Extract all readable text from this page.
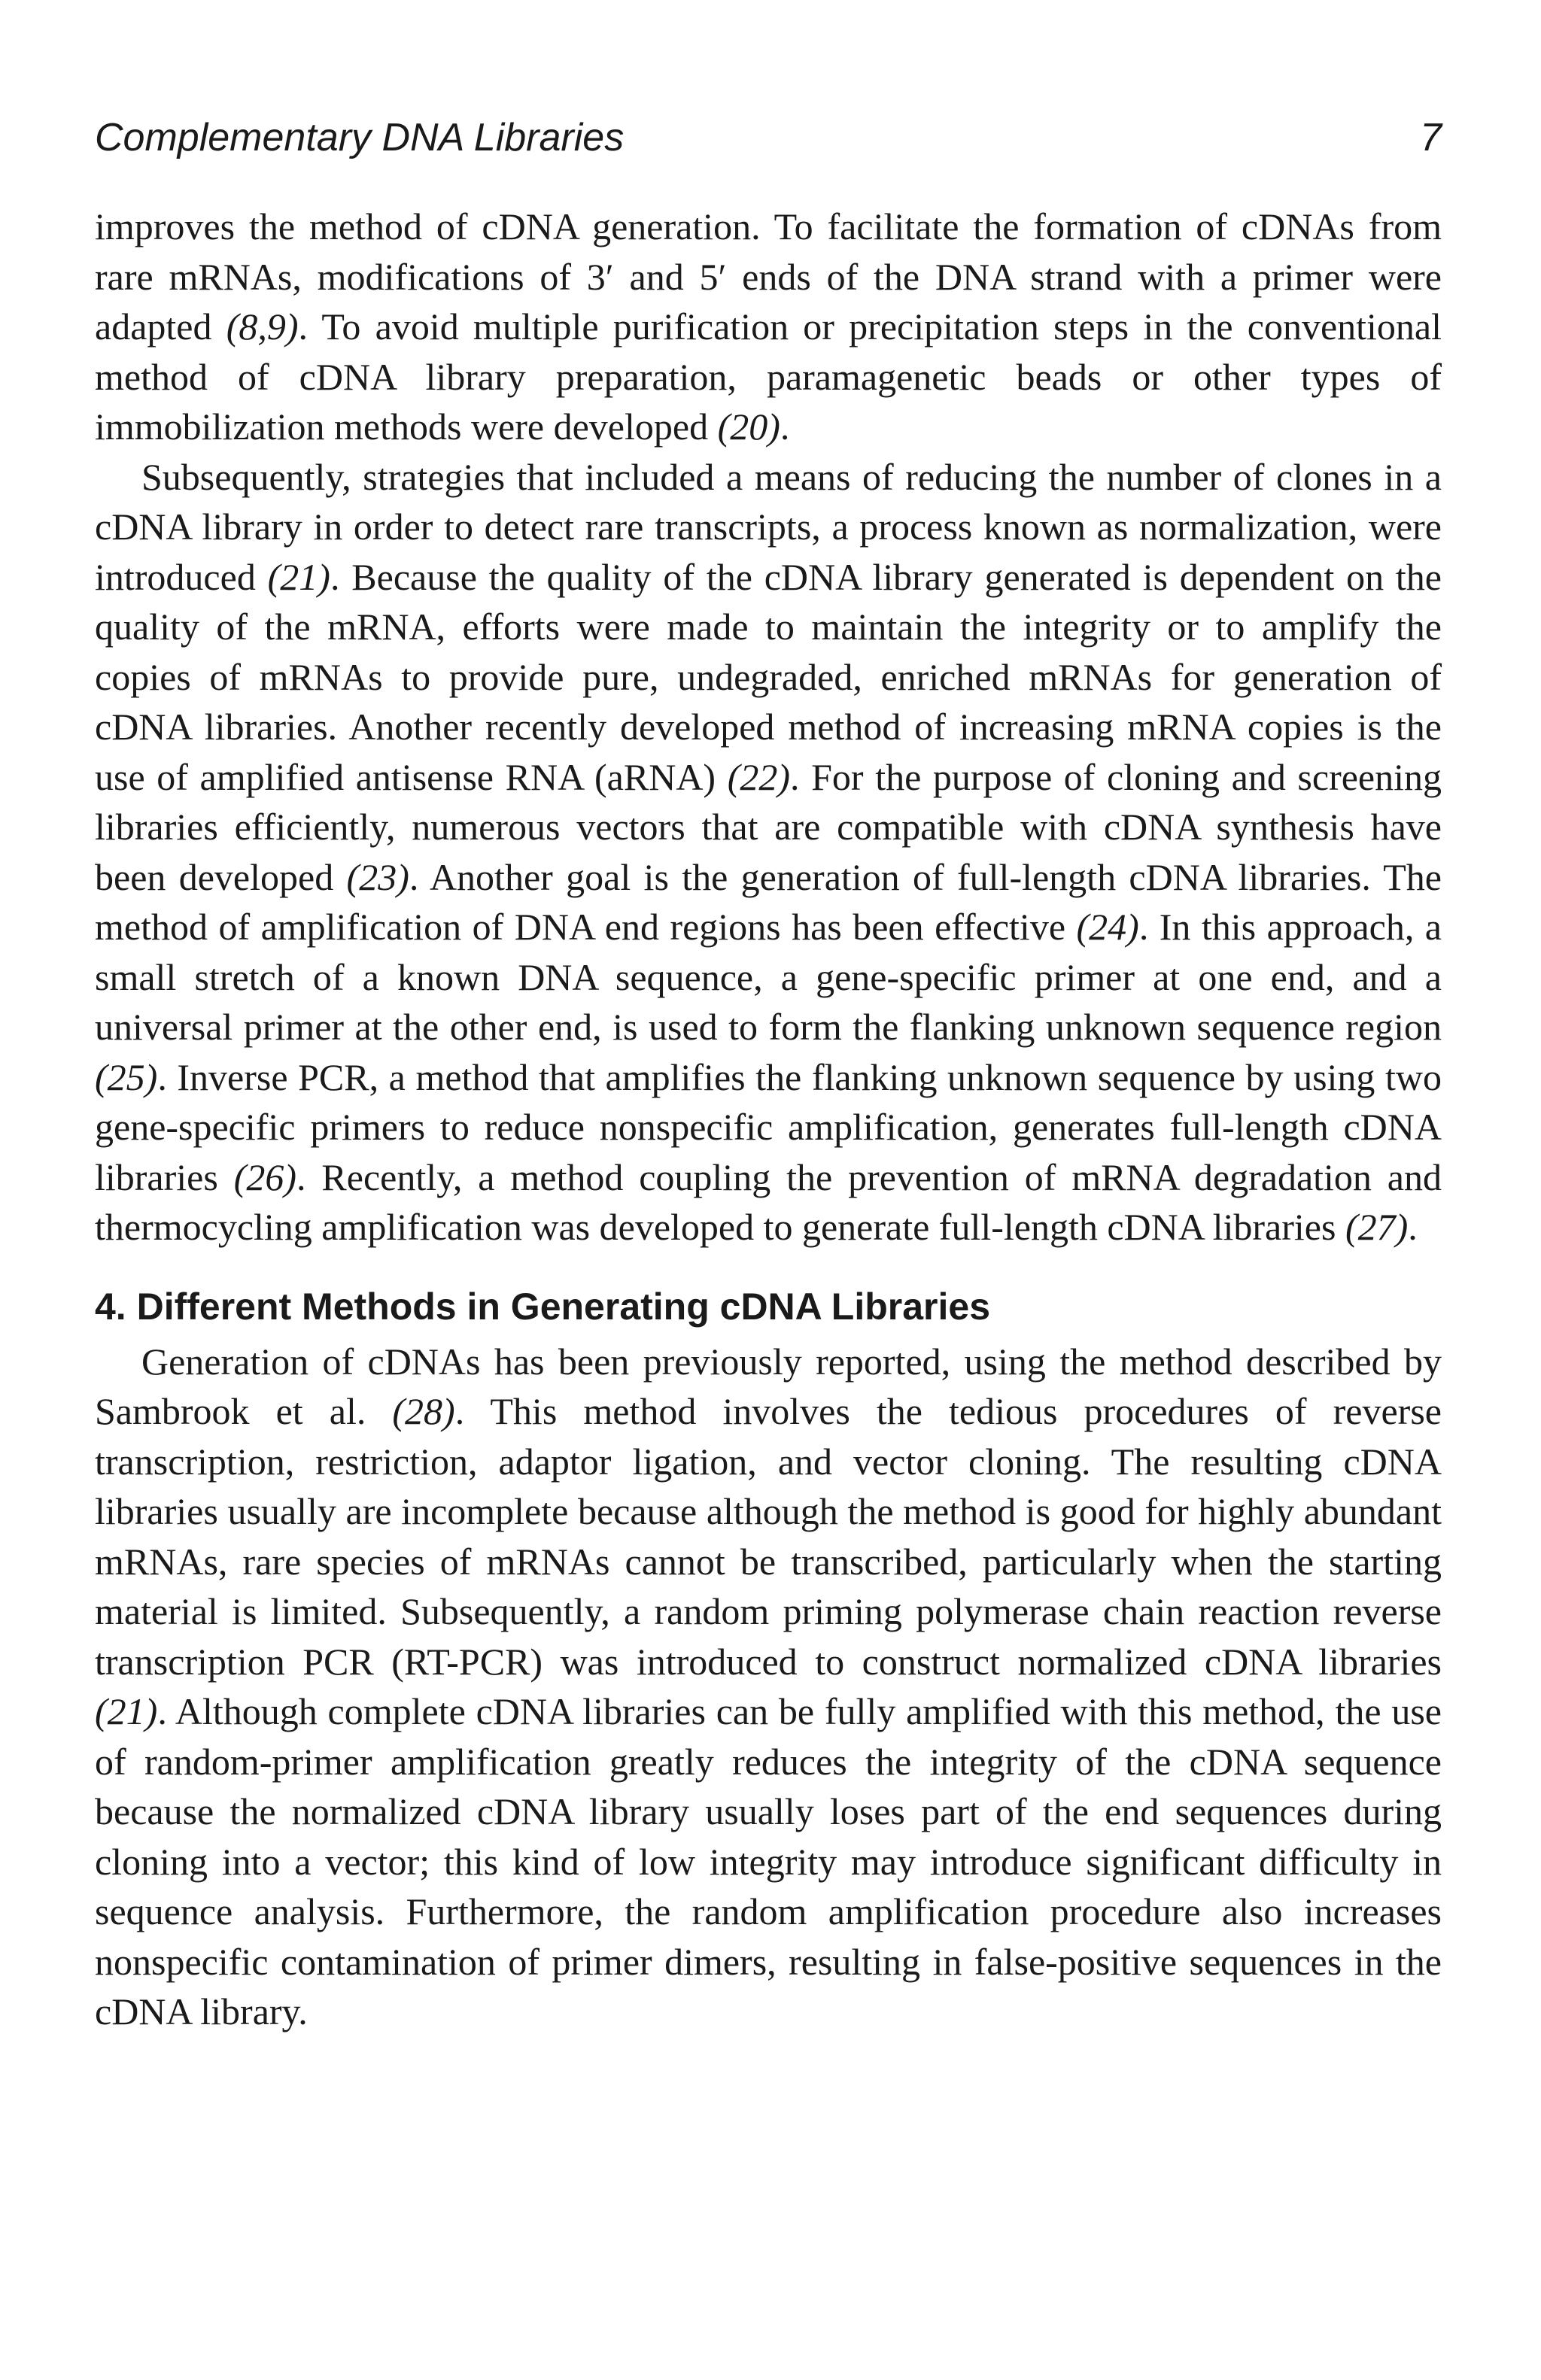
Complementary DNA Libraries	7

improves the method of cDNA generation. To facilitate the formation of cDNAs from rare mRNAs, modifications of 3′ and 5′ ends of the DNA strand with a primer were adapted (8,9). To avoid multiple purification or precipitation steps in the conventional method of cDNA library preparation, paramagenetic beads or other types of immobilization methods were developed (20).

Subsequently, strategies that included a means of reducing the number of clones in a cDNA library in order to detect rare transcripts, a process known as normalization, were introduced (21). Because the quality of the cDNA library generated is dependent on the quality of the mRNA, efforts were made to maintain the integrity or to amplify the copies of mRNAs to provide pure, undegraded, enriched mRNAs for generation of cDNA libraries. Another recently developed method of increasing mRNA copies is the use of amplified antisense RNA (aRNA) (22). For the purpose of cloning and screening libraries efficiently, numerous vectors that are compatible with cDNA synthesis have been developed (23). Another goal is the generation of full-length cDNA libraries. The method of amplification of DNA end regions has been effective (24). In this approach, a small stretch of a known DNA sequence, a gene-specific primer at one end, and a universal primer at the other end, is used to form the flanking unknown sequence region (25). Inverse PCR, a method that amplifies the flanking unknown sequence by using two gene-specific primers to reduce nonspecific amplification, generates full-length cDNA libraries (26). Recently, a method coupling the prevention of mRNA degradation and thermocycling amplification was developed to generate full-length cDNA libraries (27).

4. Different Methods in Generating cDNA Libraries

Generation of cDNAs has been previously reported, using the method described by Sambrook et al. (28). This method involves the tedious procedures of reverse transcription, restriction, adaptor ligation, and vector cloning. The resulting cDNA libraries usually are incomplete because although the method is good for highly abundant mRNAs, rare species of mRNAs cannot be transcribed, particularly when the starting material is limited. Subsequently, a random priming polymerase chain reaction reverse transcription PCR (RT-PCR) was introduced to construct normalized cDNA libraries (21). Although complete cDNA libraries can be fully amplified with this method, the use of random-primer amplification greatly reduces the integrity of the cDNA sequence because the normalized cDNA library usually loses part of the end sequences during cloning into a vector; this kind of low integrity may introduce significant difficulty in sequence analysis. Furthermore, the random amplification procedure also increases nonspecific contamination of primer dimers, resulting in false-positive sequences in the cDNA library.
